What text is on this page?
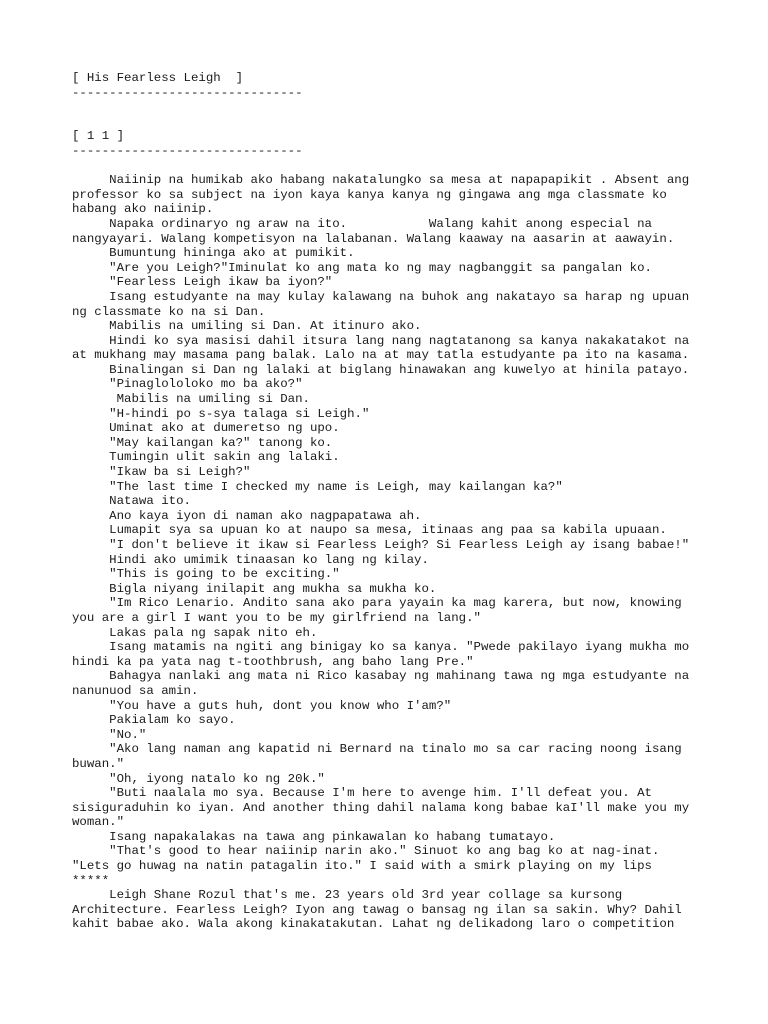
[ His Fearless Leigh  ]
-------------------------------
[ 1 1 ]
-------------------------------
Naiinip na humikab ako habang nakatalungko sa mesa at napapapikit . Absent ang
professor ko sa subject na iyon kaya kanya kanya ng gingawa ang mga classmate ko
habang ako naiinip.
Napaka ordinaryo ng araw na ito.           Walang kahit anong especial na
nangyayari. Walang kompetisyon na lalabanan. Walang kaaway na aasarin at aawayin.
Bumuntung hininga ako at pumikit.
"Are you Leigh?"Iminulat ko ang mata ko ng may nagbanggit sa pangalan ko.
"Fearless Leigh ikaw ba iyon?"
Isang estudyante na may kulay kalawang na buhok ang nakatayo sa harap ng upuan
ng classmate ko na si Dan.
Mabilis na umiling si Dan. At itinuro ako.
Hindi ko sya masisi dahil itsura lang nang nagtatanong sa kanya nakakatakot na
at mukhang may masama pang balak. Lalo na at may tatla estudyante pa ito na kasama.
Binalingan si Dan ng lalaki at biglang hinawakan ang kuwelyo at hinila patayo.
"Pinaglololoko mo ba ako?"
Mabilis na umiling si Dan.
"H-hindi po s-sya talaga si Leigh."
Uminat ako at dumeretso ng upo.
"May kailangan ka?" tanong ko.
Tumingin ulit sakin ang lalaki.
"Ikaw ba si Leigh?"
"The last time I checked my name is Leigh, may kailangan ka?"
Natawa ito.
Ano kaya iyon di naman ako nagpapatawa ah.
Lumapit sya sa upuan ko at naupo sa mesa, itinaas ang paa sa kabila upuaan.
"I don't believe it ikaw si Fearless Leigh? Si Fearless Leigh ay isang babae!"
Hindi ako umimik tinaasan ko lang ng kilay.
"This is going to be exciting."
Bigla niyang inilapit ang mukha sa mukha ko.
"Im Rico Lenario. Andito sana ako para yayain ka mag karera, but now, knowing
you are a girl I want you to be my girlfriend na lang."
Lakas pala ng sapak nito eh.
Isang matamis na ngiti ang binigay ko sa kanya. "Pwede pakilayo iyang mukha mo
hindi ka pa yata nag t-toothbrush, ang baho lang Pre."
Bahagya nanlaki ang mata ni Rico kasabay ng mahinang tawa ng mga estudyante na
nanunuod sa amin.
"You have a guts huh, dont you know who I'am?"
Pakialam ko sayo.
"No."
"Ako lang naman ang kapatid ni Bernard na tinalo mo sa car racing noong isang
buwan."
"Oh, iyong natalo ko ng 20k."
"Buti naalala mo sya. Because I'm here to avenge him. I'll defeat you. At
sisiguraduhin ko iyan. And another thing dahil nalama kong babae kaI'll make you my
woman."
Isang napakalakas na tawa ang pinkawalan ko habang tumatayo.
"That's good to hear naiinip narin ako." Sinuot ko ang bag ko at nag-inat.
"Lets go huwag na natin patagalin ito." I said with a smirk playing on my lips
*****
Leigh Shane Rozul that's me. 23 years old 3rd year collage sa kursong
Architecture. Fearless Leigh? Iyon ang tawag o bansag ng ilan sa sakin. Why? Dahil
kahit babae ako. Wala akong kinakatakutan. Lahat ng delikadong laro o competition
